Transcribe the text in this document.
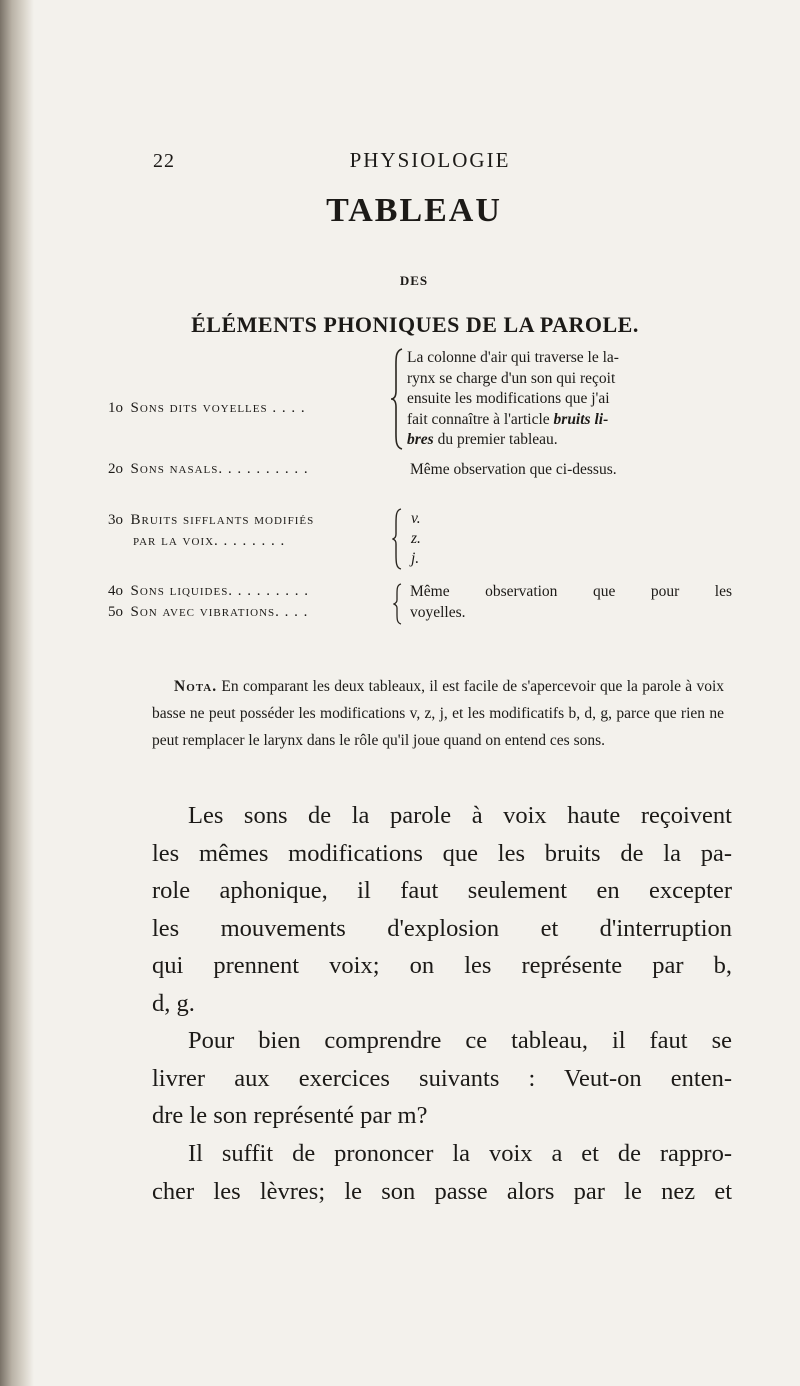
22	PHYSIOLOGIE
TABLEAU
DES
ÉLÉMENTS PHONIQUES DE LA PAROLE.
1o Sons dits voyelles . . . .
La colonne d'air qui traverse le la-
rynx se charge d'un son qui reçoit
ensuite les modifications que j'ai
fait connaître à l'article bruits li-
bres du premier tableau.
2o Sons nasals. . . . . . . . . .	Même observation que ci-dessus.
3o Bruits sifflants modifiés
par la voix. . . . . . . .
v.
z.
j.
4o Sons liquides. . . . . . . . .
5o Son avec vibrations. . . .
Même observation que pour les
voyelles.
Nota. En comparant les deux tableaux, il est facile de s'apercevoir que la parole à voix basse ne peut posséder les modifications v, z, j, et les modificatifs b, d, g, parce que rien ne peut remplacer le larynx dans le rôle qu'il joue quand on entend ces sons.
Les sons de la parole à voix haute reçoivent
les mêmes modifications que les bruits de la pa-
role aphonique, il faut seulement en excepter
les mouvements d'explosion et d'interruption
qui prennent voix; on les représente par b,
d, g.
Pour bien comprendre ce tableau, il faut se
livrer aux exercices suivants : Veut-on enten-
dre le son représenté par m?
Il suffit de prononcer la voix a et de rappro-
cher les lèvres; le son passe alors par le nez et
